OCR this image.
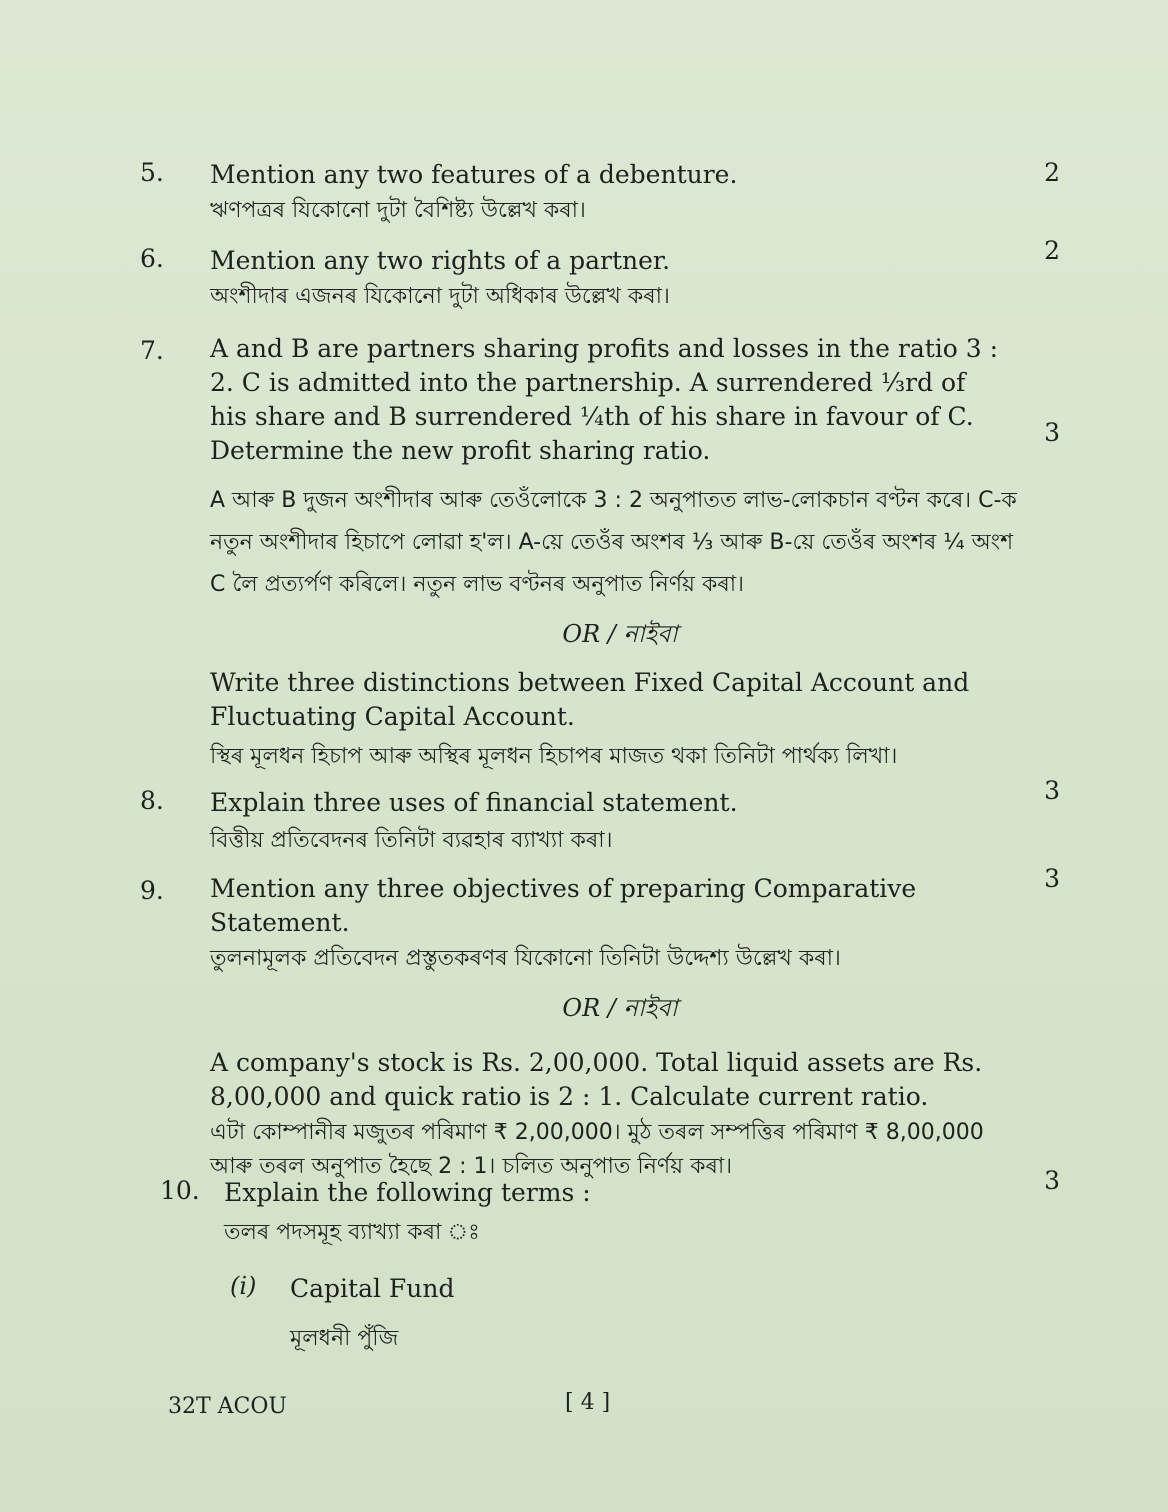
5.	2

Mention any two features of a debenture.

ঋণপত্ৰৰ যিকোনো দুটা বৈশিষ্ট্য উল্লেখ কৰা।

6.	2

Mention any two rights of a partner.

অংশীদাৰ এজনৰ যিকোনো দুটা অধিকাৰ উল্লেখ কৰা।

7.
3

A and B are partners sharing profits and losses in the ratio 3 : 2. C is admitted into the partnership. A surrendered ⅓rd of his share and B surrendered ¼th of his share in favour of C. Determine the new profit sharing ratio.

A আৰু B দুজন অংশীদাৰ আৰু তেওঁলোকে 3 : 2 অনুপাতত লাভ-লোকচান বণ্টন কৰে। C-ক নতুন অংশীদাৰ হিচাপে লোৱা হ'ল। A-য়ে তেওঁৰ অংশৰ ⅓ আৰু B-য়ে তেওঁৰ অংশৰ ¼ অংশ C লৈ প্ৰত্যৰ্পণ কৰিলে। নতুন লাভ বণ্টনৰ অনুপাত নিৰ্ণয় কৰা।

OR / নাইবা

Write three distinctions between Fixed Capital Account and Fluctuating Capital Account.

স্থিৰ মূলধন হিচাপ আৰু অস্থিৰ মূলধন হিচাপৰ মাজত থকা তিনিটা পাৰ্থক্য লিখা।

8.	3

Explain three uses of financial statement.

বিত্তীয় প্ৰতিবেদনৰ তিনিটা ব্যৱহাৰ ব্যাখ্যা কৰা।

9.	3

Mention any three objectives of preparing Comparative Statement.

তুলনামূলক প্ৰতিবেদন প্ৰস্তুতকৰণৰ যিকোনো তিনিটা উদ্দেশ্য উল্লেখ কৰা।

OR / নাইবা

A company's stock is Rs. 2,00,000. Total liquid assets are Rs. 8,00,000 and quick ratio is 2 : 1. Calculate current ratio.

এটা কোম্পানীৰ মজুতৰ পৰিমাণ ₹ 2,00,000। মুঠ তৰল সম্পত্তিৰ পৰিমাণ ₹ 8,00,000 আৰু তৰল অনুপাত হৈছে 2 : 1। চলিত অনুপাত নিৰ্ণয় কৰা।

10.	3

Explain the following terms :

তলৰ পদসমূহ ব্যাখ্যা কৰা ঃ

(i) Capital Fund

মূলধনী পুঁজি

32T ACOU	[ 4 ]
